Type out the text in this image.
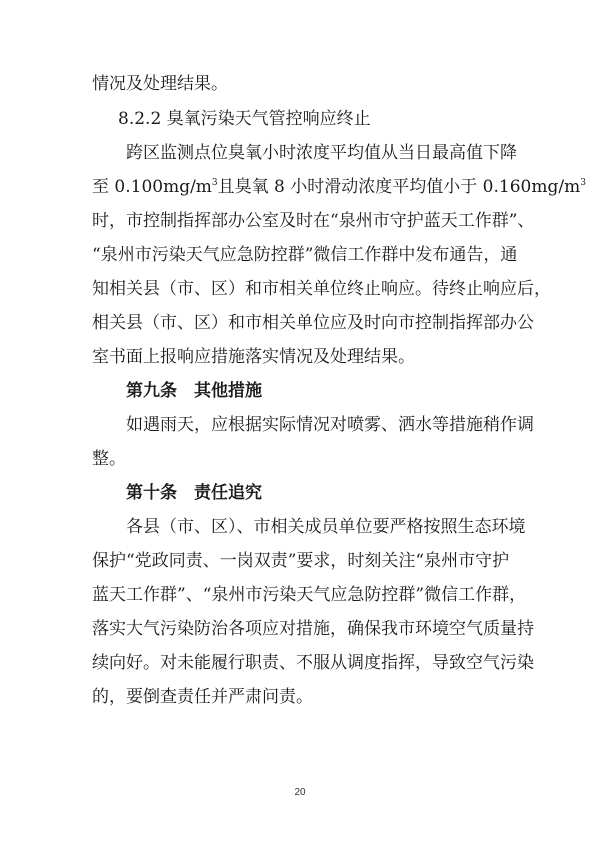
情况及处理结果。
8.2.2 臭氧污染天气管控响应终止
跨区监测点位臭氧小时浓度平均值从当日最高值下降
至 $0.100mg/m^3$且臭氧 8 小时滑动浓度平均值小于 $0.160mg/m^3$
时，市控制指挥部办公室及时在“泉州市守护蓝天工作群”、
“泉州市污染天气应急防控群”微信工作群中发布通告，通
知相关县（市、区）和市相关单位终止响应。待终止响应后，
相关县（市、区）和市相关单位应及时向市控制指挥部办公
室书面上报响应措施落实情况及处理结果。
第九条　其他措施
如遇雨天，应根据实际情况对喷雾、洒水等措施稍作调
整。
第十条　责任追究
各县（市、区）、市相关成员单位要严格按照生态环境
保护“党政同责、一岗双责”要求，时刻关注“泉州市守护
蓝天工作群”、“泉州市污染天气应急防控群”微信工作群，
落实大气污染防治各项应对措施，确保我市环境空气质量持
续向好。对未能履行职责、不服从调度指挥，导致空气污染
的，要倒查责任并严肃问责。
20
